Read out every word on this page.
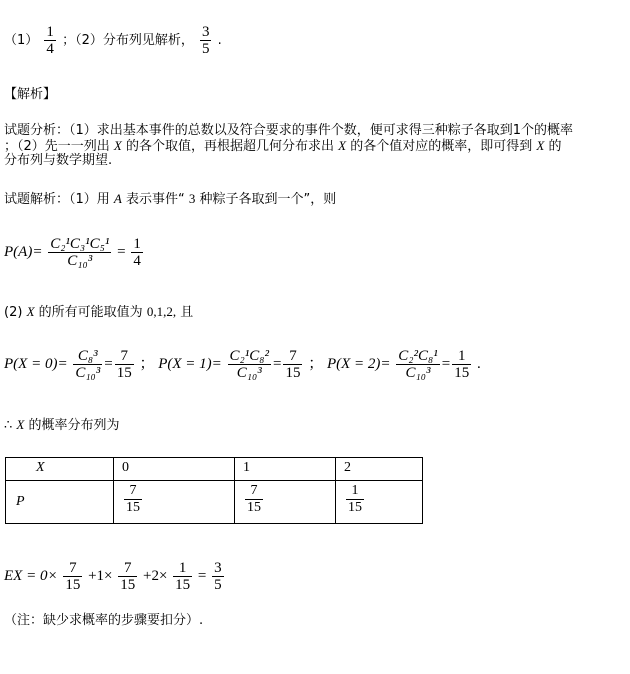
$(1) \frac{1}{4}$ ；（2）分布列见解析， $\frac{3}{5}$ .
【解析】
试题分析：（1）求出基本事件的总数以及符合要求的事件个数，便可求得三种粽子各取到1个的概率
；（2）先一一列出 X 的各个取值，再根据超几何分布求出 X 的各个值对应的概率，即可得到 X 的
分布列与数学期望.
试题解析：（1）用 A 表示事件“ 3 种粽子各取到一个”，则
$P(A)= \frac{\text{C₂¹C₃¹C₅¹}}{\text{C₁₀³}} = \frac{1}{4}$
(2) X 的所有可能取值为 0,1,2, 且
$P(X = 0)= \frac{\text{C₈³}}{\text{C₁₀³}} = \frac{7}{15}$ ； $P(X = 1)= \frac{\text{C₂¹C₈²}}{\text{C₁₀³}} = \frac{7}{15}$ ； $P(X = 2)= \frac{\text{C₂²C₈¹}}{\text{C₁₀³}} = \frac{1}{15}$ .
∴ X 的概率分布列为
X	0	1	2
P	$\frac{7}{15}$	$\frac{7}{15}$	$\frac{1}{15}$
EX = $0\times \frac{7}{15} +1\times \frac{7}{15} +2\times \frac{1}{15} = \frac{3}{5}$
（注：缺少求概率的步骤要扣分）.
